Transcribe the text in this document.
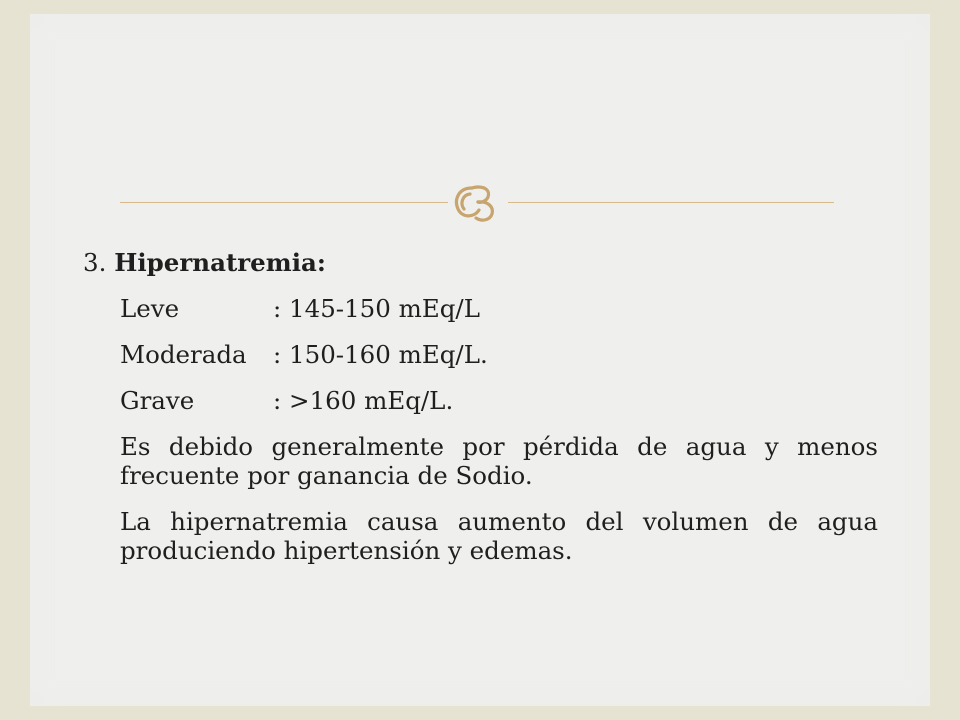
3. Hipernatremia:
Leve	: 145-150 mEq/L
Moderada	: 150-160 mEq/L.
Grave	: >160 mEq/L.

Es debido generalmente por pérdida de agua y menos frecuente por ganancia de Sodio.

La hipernatremia causa aumento del volumen de agua produciendo hipertensión y edemas.
